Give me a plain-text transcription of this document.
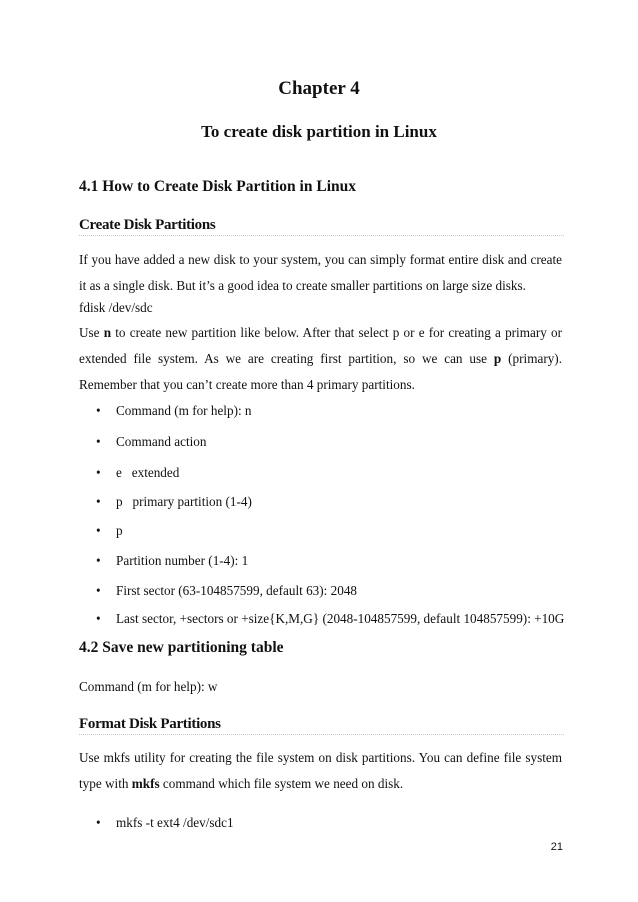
Chapter 4
To create disk partition in Linux
4.1 How to Create Disk Partition in Linux
Create Disk Partitions
If you have added a new disk to your system, you can simply format entire disk and create it as a single disk. But it’s a good idea to create smaller partitions on large size disks.
fdisk /dev/sdc
Use n to create new partition like below. After that select p or e for creating a primary or extended file system. As we are creating first partition, so we can use p (primary). Remember that you can’t create more than 4 primary partitions.
• Command (m for help): n
• Command action
• e   extended
• p   primary partition (1-4)
• p
• Partition number (1-4): 1
• First sector (63-104857599, default 63): 2048
• Last sector, +sectors or +size{K,M,G} (2048-104857599, default 104857599): +10G
4.2 Save new partitioning table
Command (m for help): w
Format Disk Partitions
Use mkfs utility for creating the file system on disk partitions. You can define file system type with mkfs command which file system we need on disk.
• mkfs -t ext4 /dev/sdc1
21
